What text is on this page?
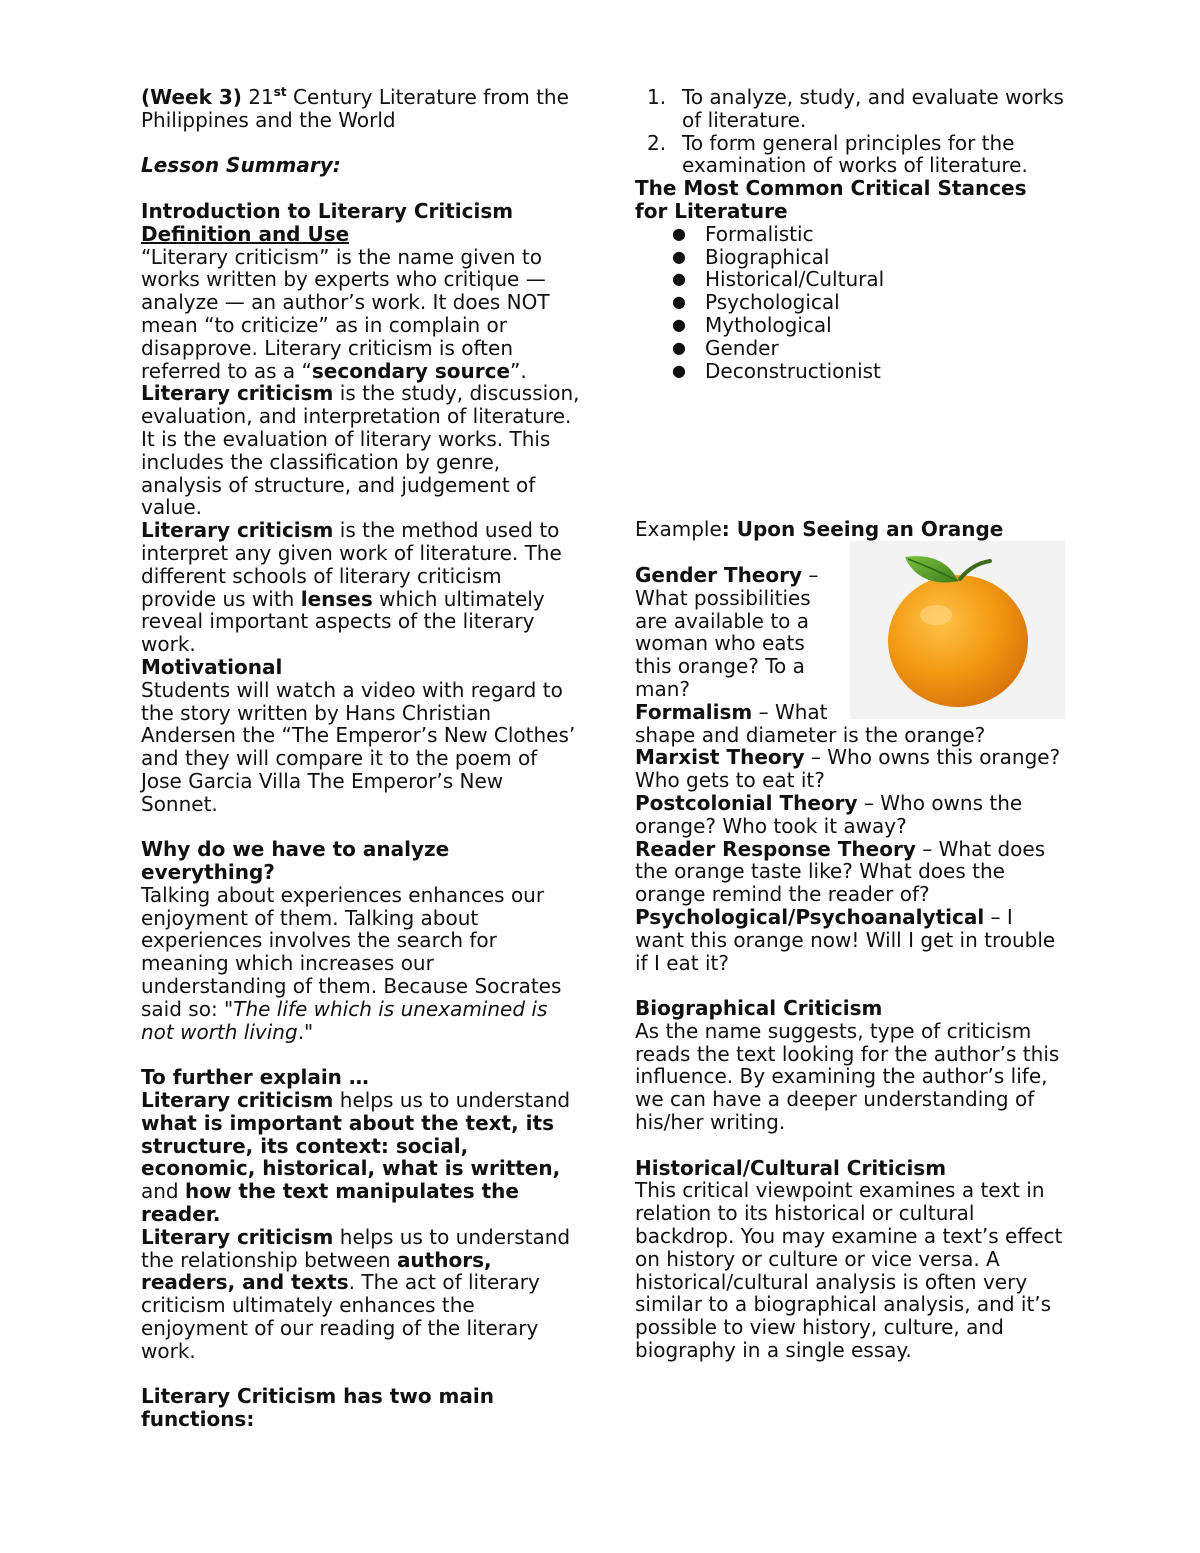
(Week 3) 21st Century Literature from the Philippines and the World

Lesson Summary:

Introduction to Literary Criticism

Definition and Use

“Literary criticism” is the name given to works written by experts who critique — analyze — an author’s work. It does NOT mean “to criticize” as in complain or disapprove. Literary criticism is often referred to as a “secondary source”.

Literary criticism is the study, discussion, evaluation, and interpretation of literature. It is the evaluation of literary works. This includes the classification by genre, analysis of structure, and judgement of value.

Literary criticism is the method used to interpret any given work of literature. The different schools of literary criticism provide us with lenses which ultimately reveal important aspects of the literary work.

Motivational

Students will watch a video with regard to the story written by Hans Christian Andersen the “The Emperor’s New Clothes’ and they will compare it to the poem of Jose Garcia Villa The Emperor’s New Sonnet.

Why do we have to analyze everything?

Talking about experiences enhances our enjoyment of them. Talking about experiences involves the search for meaning which increases our understanding of them. Because Socrates said so: "The life which is unexamined is not worth living."

To further explain …

Literary criticism helps us to understand what is important about the text, its structure, its context: social, economic, historical, what is written, and how the text manipulates the reader.

Literary criticism helps us to understand the relationship between authors, readers, and texts. The act of literary criticism ultimately enhances the enjoyment of our reading of the literary work.

Literary Criticism has two main functions:

1. To analyze, study, and evaluate works of literature.
2. To form general principles for the examination of works of literature.

The Most Common Critical Stances for Literature

● Formalistic
● Biographical
● Historical/Cultural
● Psychological
● Mythological
● Gender
● Deconstructionist

Example: Upon Seeing an Orange

Gender Theory – What possibilities are available to a woman who eats this orange? To a man?

Formalism – What shape and diameter is the orange?

Marxist Theory – Who owns this orange? Who gets to eat it?

Postcolonial Theory – Who owns the orange? Who took it away?

Reader Response Theory – What does the orange taste like? What does the orange remind the reader of?

Psychological/Psychoanalytical – I want this orange now! Will I get in trouble if I eat it?

Biographical Criticism

As the name suggests, type of criticism reads the text looking for the author’s this influence. By examining the author’s life, we can have a deeper understanding of his/her writing.

Historical/Cultural Criticism

This critical viewpoint examines a text in relation to its historical or cultural backdrop. You may examine a text’s effect on history or culture or vice versa. A historical/cultural analysis is often very similar to a biographical analysis, and it’s possible to view history, culture, and biography in a single essay.
